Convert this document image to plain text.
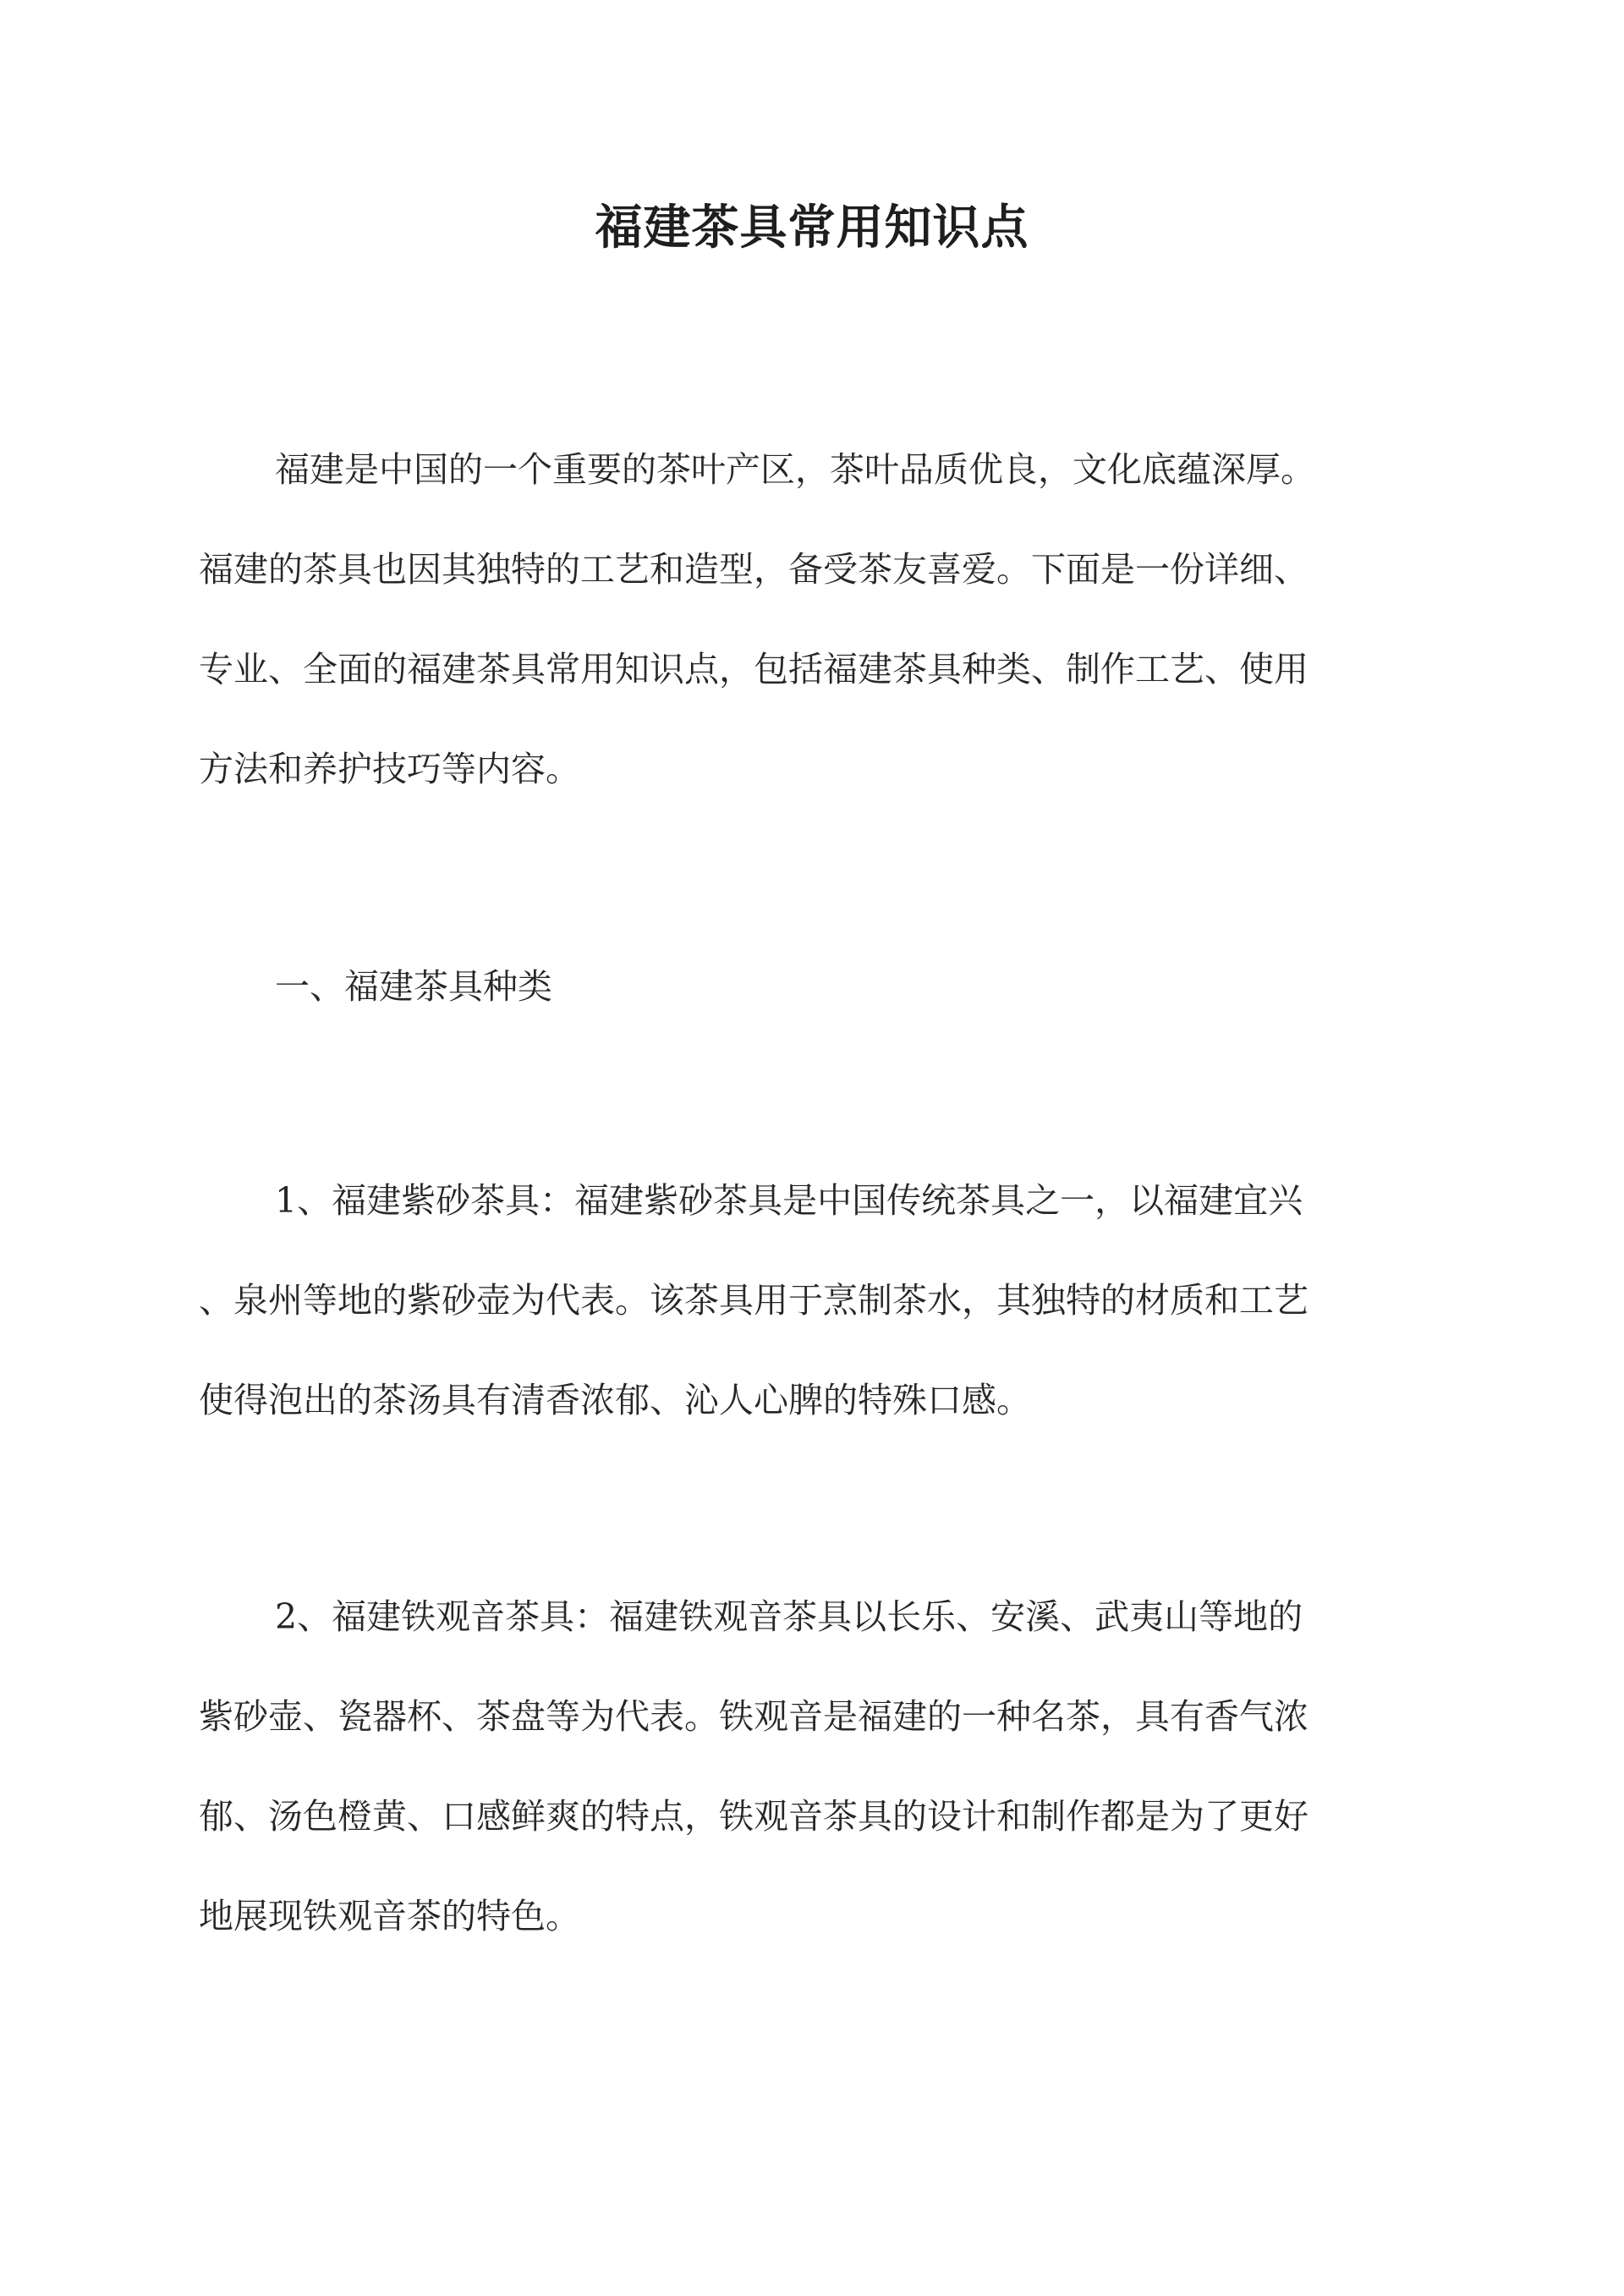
福建茶具常用知识点
福建是中国的一个重要的茶叶产区，茶叶品质优良，文化底蕴深厚。
福建的茶具也因其独特的工艺和造型，备受茶友喜爱。下面是一份详细、
专业、全面的福建茶具常用知识点，包括福建茶具种类、制作工艺、使用
方法和养护技巧等内容。
一、福建茶具种类
1、福建紫砂茶具：福建紫砂茶具是中国传统茶具之一，以福建宜兴
、泉州等地的紫砂壶为代表。该茶具用于烹制茶水，其独特的材质和工艺
使得泡出的茶汤具有清香浓郁、沁人心脾的特殊口感。
2、福建铁观音茶具：福建铁观音茶具以长乐、安溪、武夷山等地的
紫砂壶、瓷器杯、茶盘等为代表。铁观音是福建的一种名茶，具有香气浓
郁、汤色橙黄、口感鲜爽的特点，铁观音茶具的设计和制作都是为了更好
地展现铁观音茶的特色。
